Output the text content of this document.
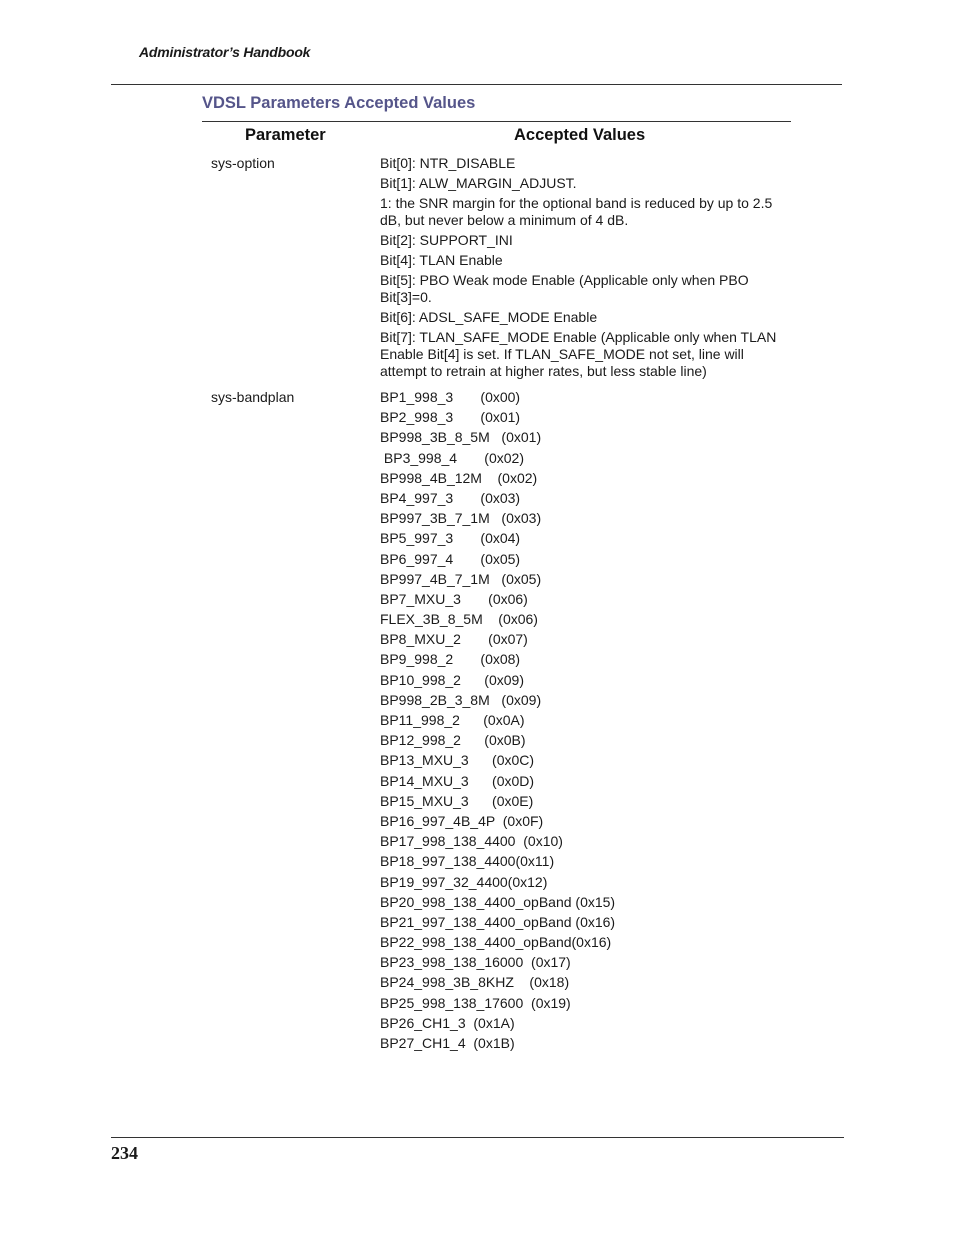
Administrator’s Handbook
VDSL Parameters Accepted Values
Parameter	Accepted Values
sys-option	Bit[0]: NTR_DISABLE

Bit[1]: ALW_MARGIN_ADJUST.

1: the SNR margin for the optional band is reduced by up to 2.5 dB, but never below a minimum of 4 dB.

Bit[2]: SUPPORT_INI

Bit[4]: TLAN Enable

Bit[5]: PBO Weak mode Enable (Applicable only when PBO Bit[3]=0.

Bit[6]: ADSL_SAFE_MODE Enable

Bit[7]: TLAN_SAFE_MODE Enable (Applicable only when TLAN Enable Bit[4] is set. If TLAN_SAFE_MODE not set, line will attempt to retrain at higher rates, but less stable line)

sys-bandplan	BP1_998_3       (0x00)

BP2_998_3       (0x01)

BP998_3B_8_5M   (0x01)

BP3_998_4       (0x02)

BP998_4B_12M    (0x02)

BP4_997_3       (0x03)

BP997_3B_7_1M   (0x03)

BP5_997_3       (0x04)

BP6_997_4       (0x05)

BP997_4B_7_1M   (0x05)

BP7_MXU_3       (0x06)

FLEX_3B_8_5M    (0x06)

BP8_MXU_2       (0x07)

BP9_998_2       (0x08)

BP10_998_2      (0x09)

BP998_2B_3_8M   (0x09)

BP11_998_2      (0x0A)

BP12_998_2      (0x0B)

BP13_MXU_3      (0x0C)

BP14_MXU_3      (0x0D)

BP15_MXU_3      (0x0E)

BP16_997_4B_4P  (0x0F)

BP17_998_138_4400  (0x10)

BP18_997_138_4400(0x11)

BP19_997_32_4400(0x12)

BP20_998_138_4400_opBand (0x15)

BP21_997_138_4400_opBand (0x16)

BP22_998_138_4400_opBand(0x16)

BP23_998_138_16000  (0x17)

BP24_998_3B_8KHZ    (0x18)

BP25_998_138_17600  (0x19)

BP26_CH1_3  (0x1A)

BP27_CH1_4  (0x1B)

234
